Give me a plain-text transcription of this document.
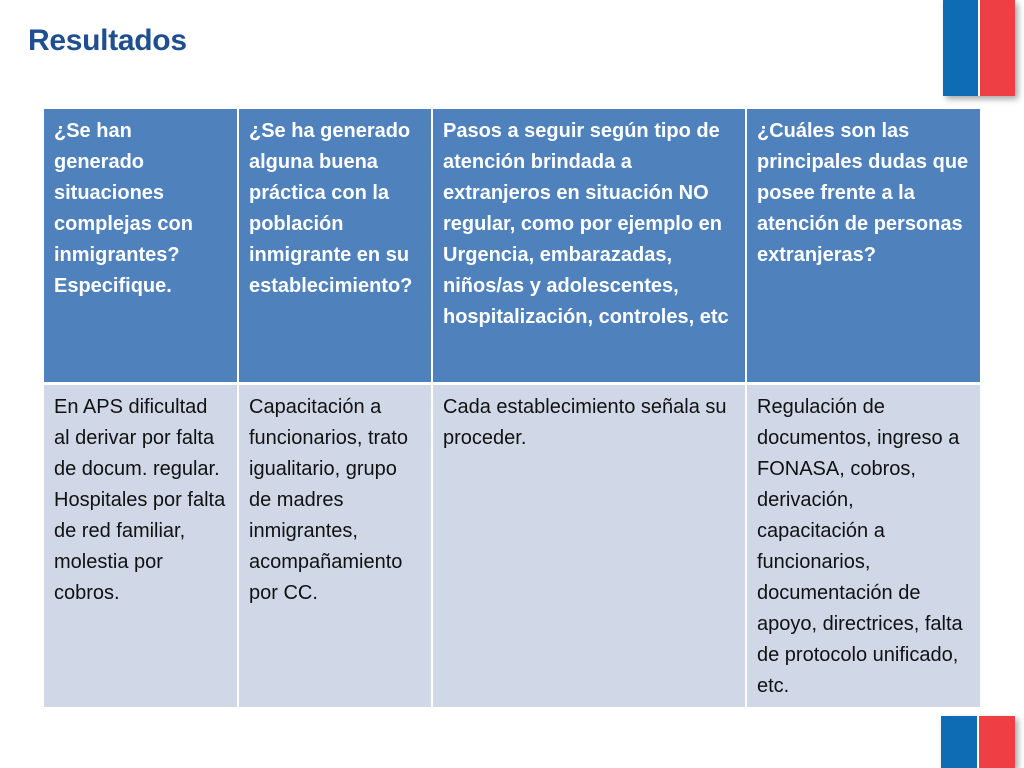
Resultados
¿Se han generado situaciones complejas con inmigrantes? Especifique.	¿Se ha generado alguna buena práctica con la población inmigrante en su establecimiento?	Pasos a seguir según tipo de atención brindada a extranjeros en situación NO regular, como por ejemplo en Urgencia, embarazadas, niños/as y adolescentes, hospitalización, controles, etc	¿Cuáles son las principales dudas que posee frente a la atención de personas extranjeras?
En APS dificultad al derivar por falta de docum. regular. Hospitales por falta de red familiar, molestia por cobros.	Capacitación a funcionarios, trato igualitario, grupo de madres inmigrantes, acompañamiento por CC.	Cada establecimiento señala su proceder.	Regulación de documentos, ingreso a FONASA, cobros, derivación, capacitación a funcionarios, documentación de apoyo, directrices, falta de protocolo unificado, etc.
